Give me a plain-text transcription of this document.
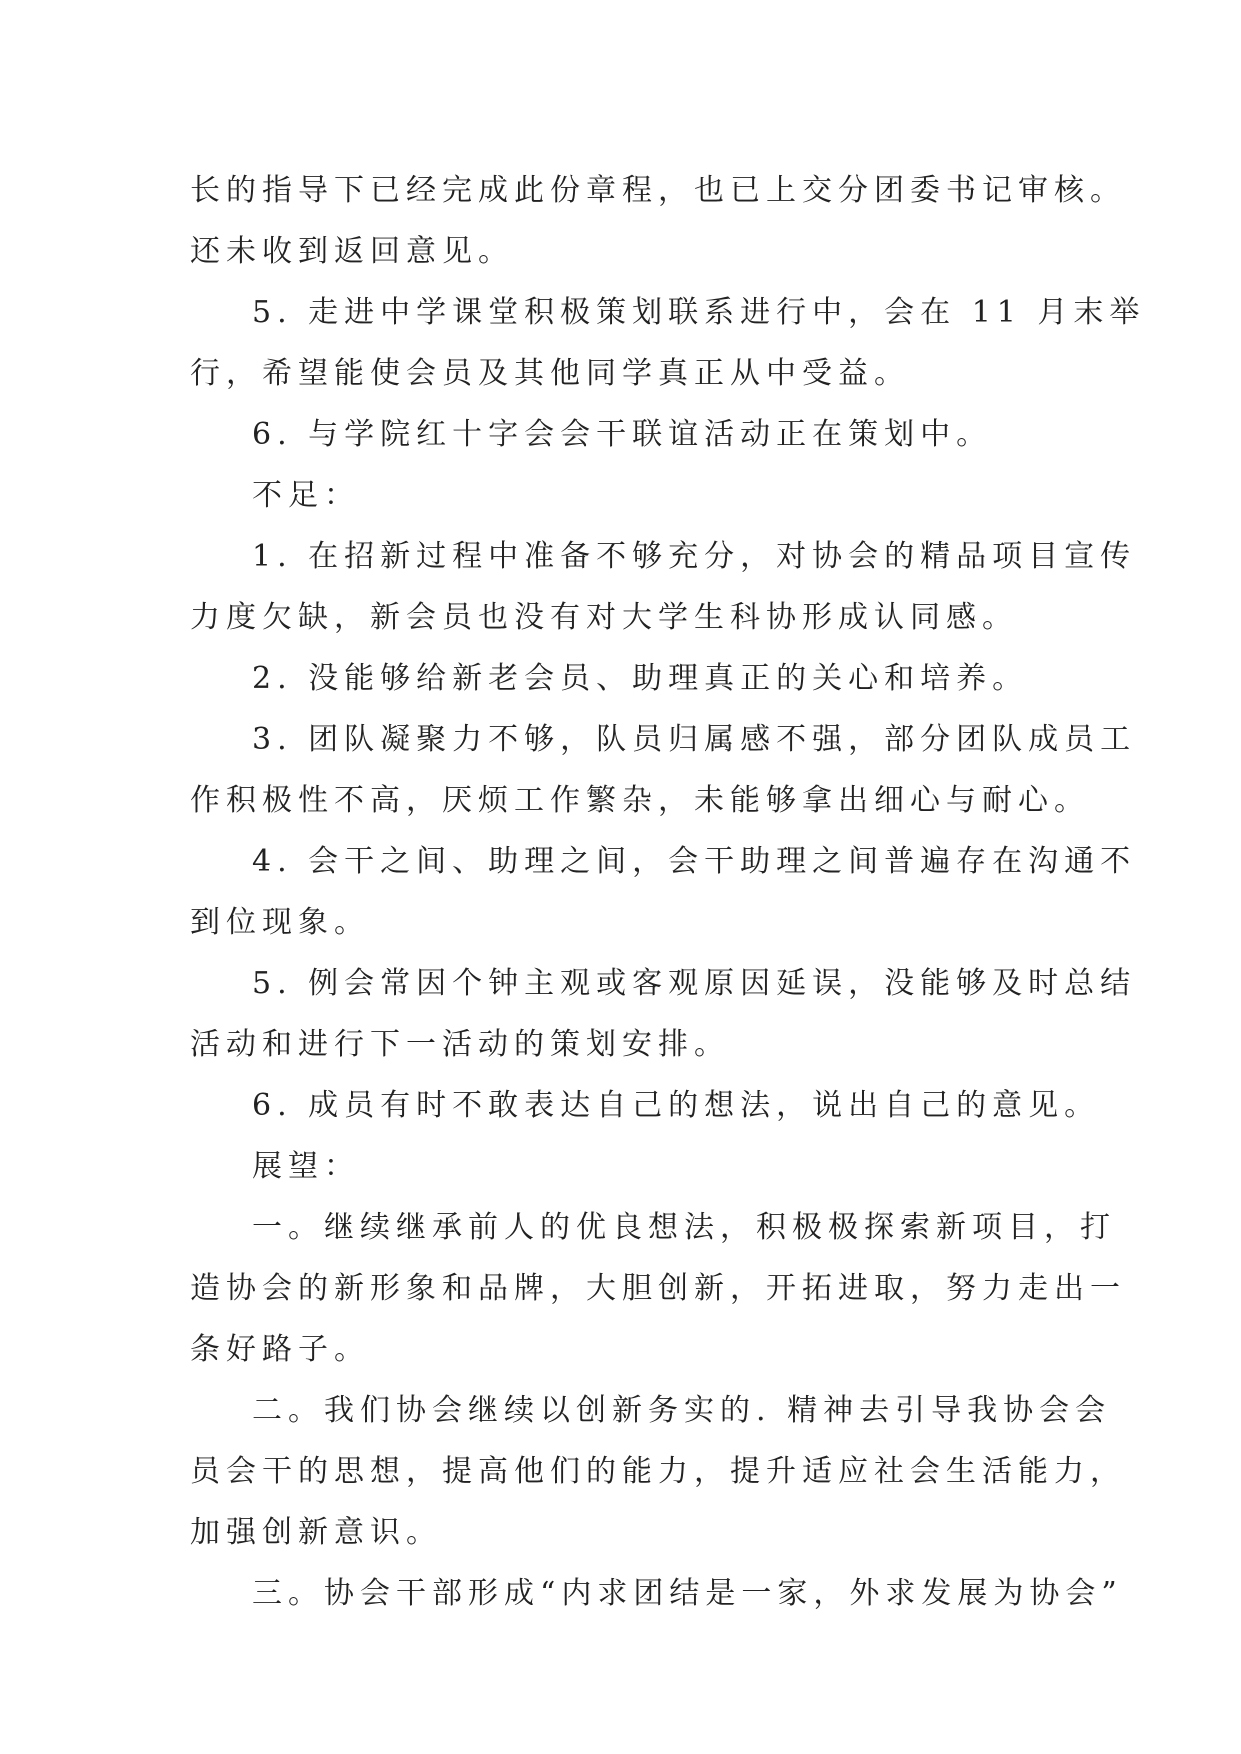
长的指导下已经完成此份章程，也已上交分团委书记审核。
还未收到返回意见。
5. 走进中学课堂积极策划联系进行中，会在 11 月末举
行，希望能使会员及其他同学真正从中受益。
6. 与学院红十字会会干联谊活动正在策划中。
不足：
1. 在招新过程中准备不够充分，对协会的精品项目宣传
力度欠缺，新会员也没有对大学生科协形成认同感。
2. 没能够给新老会员、助理真正的关心和培养。
3. 团队凝聚力不够，队员归属感不强，部分团队成员工
作积极性不高，厌烦工作繁杂，未能够拿出细心与耐心。
4. 会干之间、助理之间，会干助理之间普遍存在沟通不
到位现象。
5. 例会常因个钟主观或客观原因延误，没能够及时总结
活动和进行下一活动的策划安排。
6. 成员有时不敢表达自己的想法，说出自己的意见。
展望：
一。继续继承前人的优良想法，积极极探索新项目，打
造协会的新形象和品牌，大胆创新，开拓进取，努力走出一
条好路子。
二。我们协会继续以创新务实的. 精神去引导我协会会
员会干的思想，提高他们的能力，提升适应社会生活能力，
加强创新意识。
三。协会干部形成“内求团结是一家，外求发展为协会”
